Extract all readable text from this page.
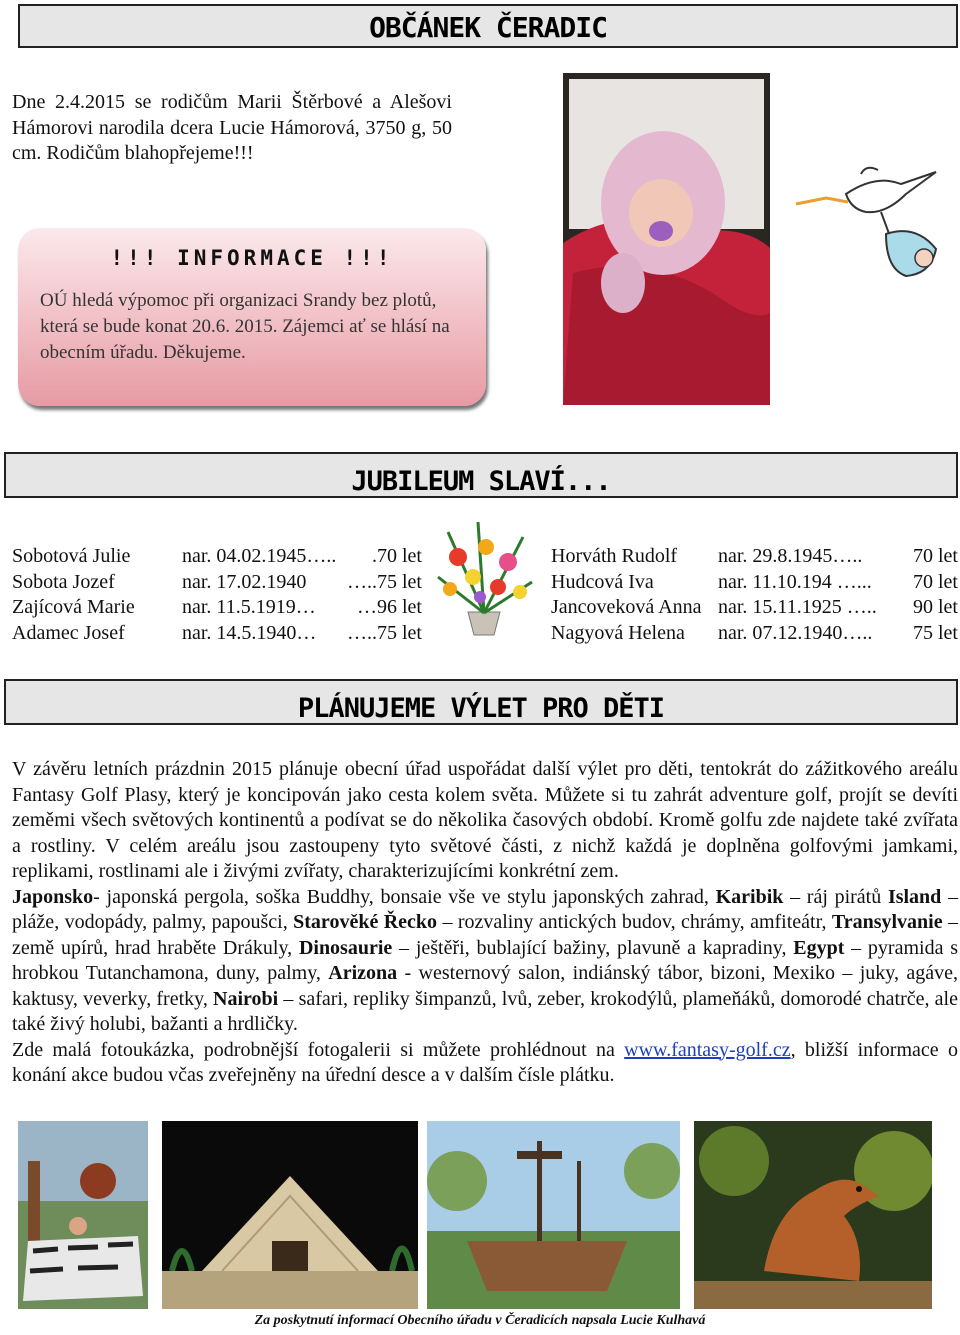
OBČÁNEK ČERADIC
Dne 2.4.2015 se rodičům Marii Štěrbové a Alešovi Hámorovi narodila dcera Lucie Hámorová, 3750 g, 50 cm. Rodičům blahopřejeme!!!
!!! INFORMACE !!!
OÚ hledá výpomoc při organizaci Srandy bez plotů, která se bude konat 20.6. 2015. Zájemci ať se hlásí na obecním úřadu. Děkujeme.
JUBILEUM SLAVÍ...
Sobotová Julie
Sobota Jozef
Zajícová Marie
Adamec Josef
nar. 04.02.1945…..
nar. 17.02.1940
nar. 11.5.1919…
nar. 14.5.1940…
.70 let
…..75 let
…96 let
…..75 let
Horváth Rudolf
Hudcová Iva
Jancoveková Anna
Nagyová Helena
nar. 29.8.1945…..
nar. 11.10.194 …...
nar. 15.11.1925 …..
nar. 07.12.1940…..
70 let
70 let
90 let
75 let
PLÁNUJEME VÝLET PRO DĚTI

V závěru letních prázdnin 2015 plánuje obecní úřad uspořádat další výlet pro děti, tentokrát do zážitkového areálu Fantasy Golf Plasy, který je koncipován jako cesta kolem světa. Můžete si tu zahrát adventure golf, projít se devíti zeměmi všech světových kontinentů a podívat se do několika časových období. Kromě golfu zde najdete také zvířata a rostliny. V celém areálu jsou zastoupeny tyto světové části, z nichž každá je doplněna golfovými jamkami, replikami, rostlinami ale i živými zvířaty, charakterizujícími konkrétní zem.

Japonsko- japonská pergola, soška Buddhy, bonsaie vše ve stylu japonských zahrad, Karibik – ráj pirátů Island – pláže, vodopády, palmy, papoušci, Starověké Řecko – rozvaliny antických budov, chrámy, amfiteátr, Transylvanie – země upírů, hrad hraběte Drákuly, Dinosaurie – ještěři, bublající bažiny, plavuně a kapradiny, Egypt – pyramida s hrobkou Tutanchamona, duny, palmy, Arizona - westernový salon, indiánský tábor, bizoni, Mexiko – juky, agáve, kaktusy, veverky, fretky, Nairobi – safari, repliky šimpanzů, lvů, zeber, krokodýlů, plameňáků, domorodé chatrče, ale také živý holubi, bažanti a hrdličky.

Zde malá fotoukázka, podrobnější fotogalerii si můžete prohlédnout na www.fantasy-golf.cz, bližší informace o konání akce budou včas zveřejněny na úřední desce a v dalším čísle plátku.

Za poskytnutí informací Obecního úřadu v Čeradicích napsala Lucie Kulhavá
